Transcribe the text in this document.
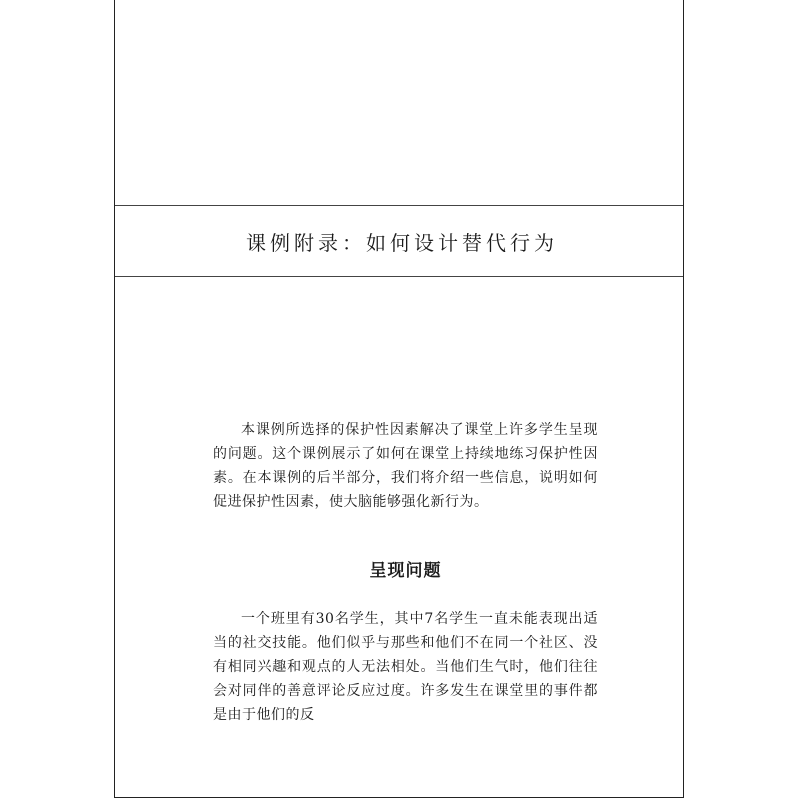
课例附录：如何设计替代行为

本课例所选择的保护性因素解决了课堂上许多学生呈现的问题。这个课例展示了如何在课堂上持续地练习保护性因素。在本课例的后半部分，我们将介绍一些信息，说明如何促进保护性因素，使大脑能够强化新行为。

呈现问题

一个班里有30名学生，其中7名学生一直未能表现出适当的社交技能。他们似乎与那些和他们不在同一个社区、没有相同兴趣和观点的人无法相处。当他们生气时，他们往往会对同伴的善意评论反应过度。许多发生在课堂里的事件都是由于他们的反
